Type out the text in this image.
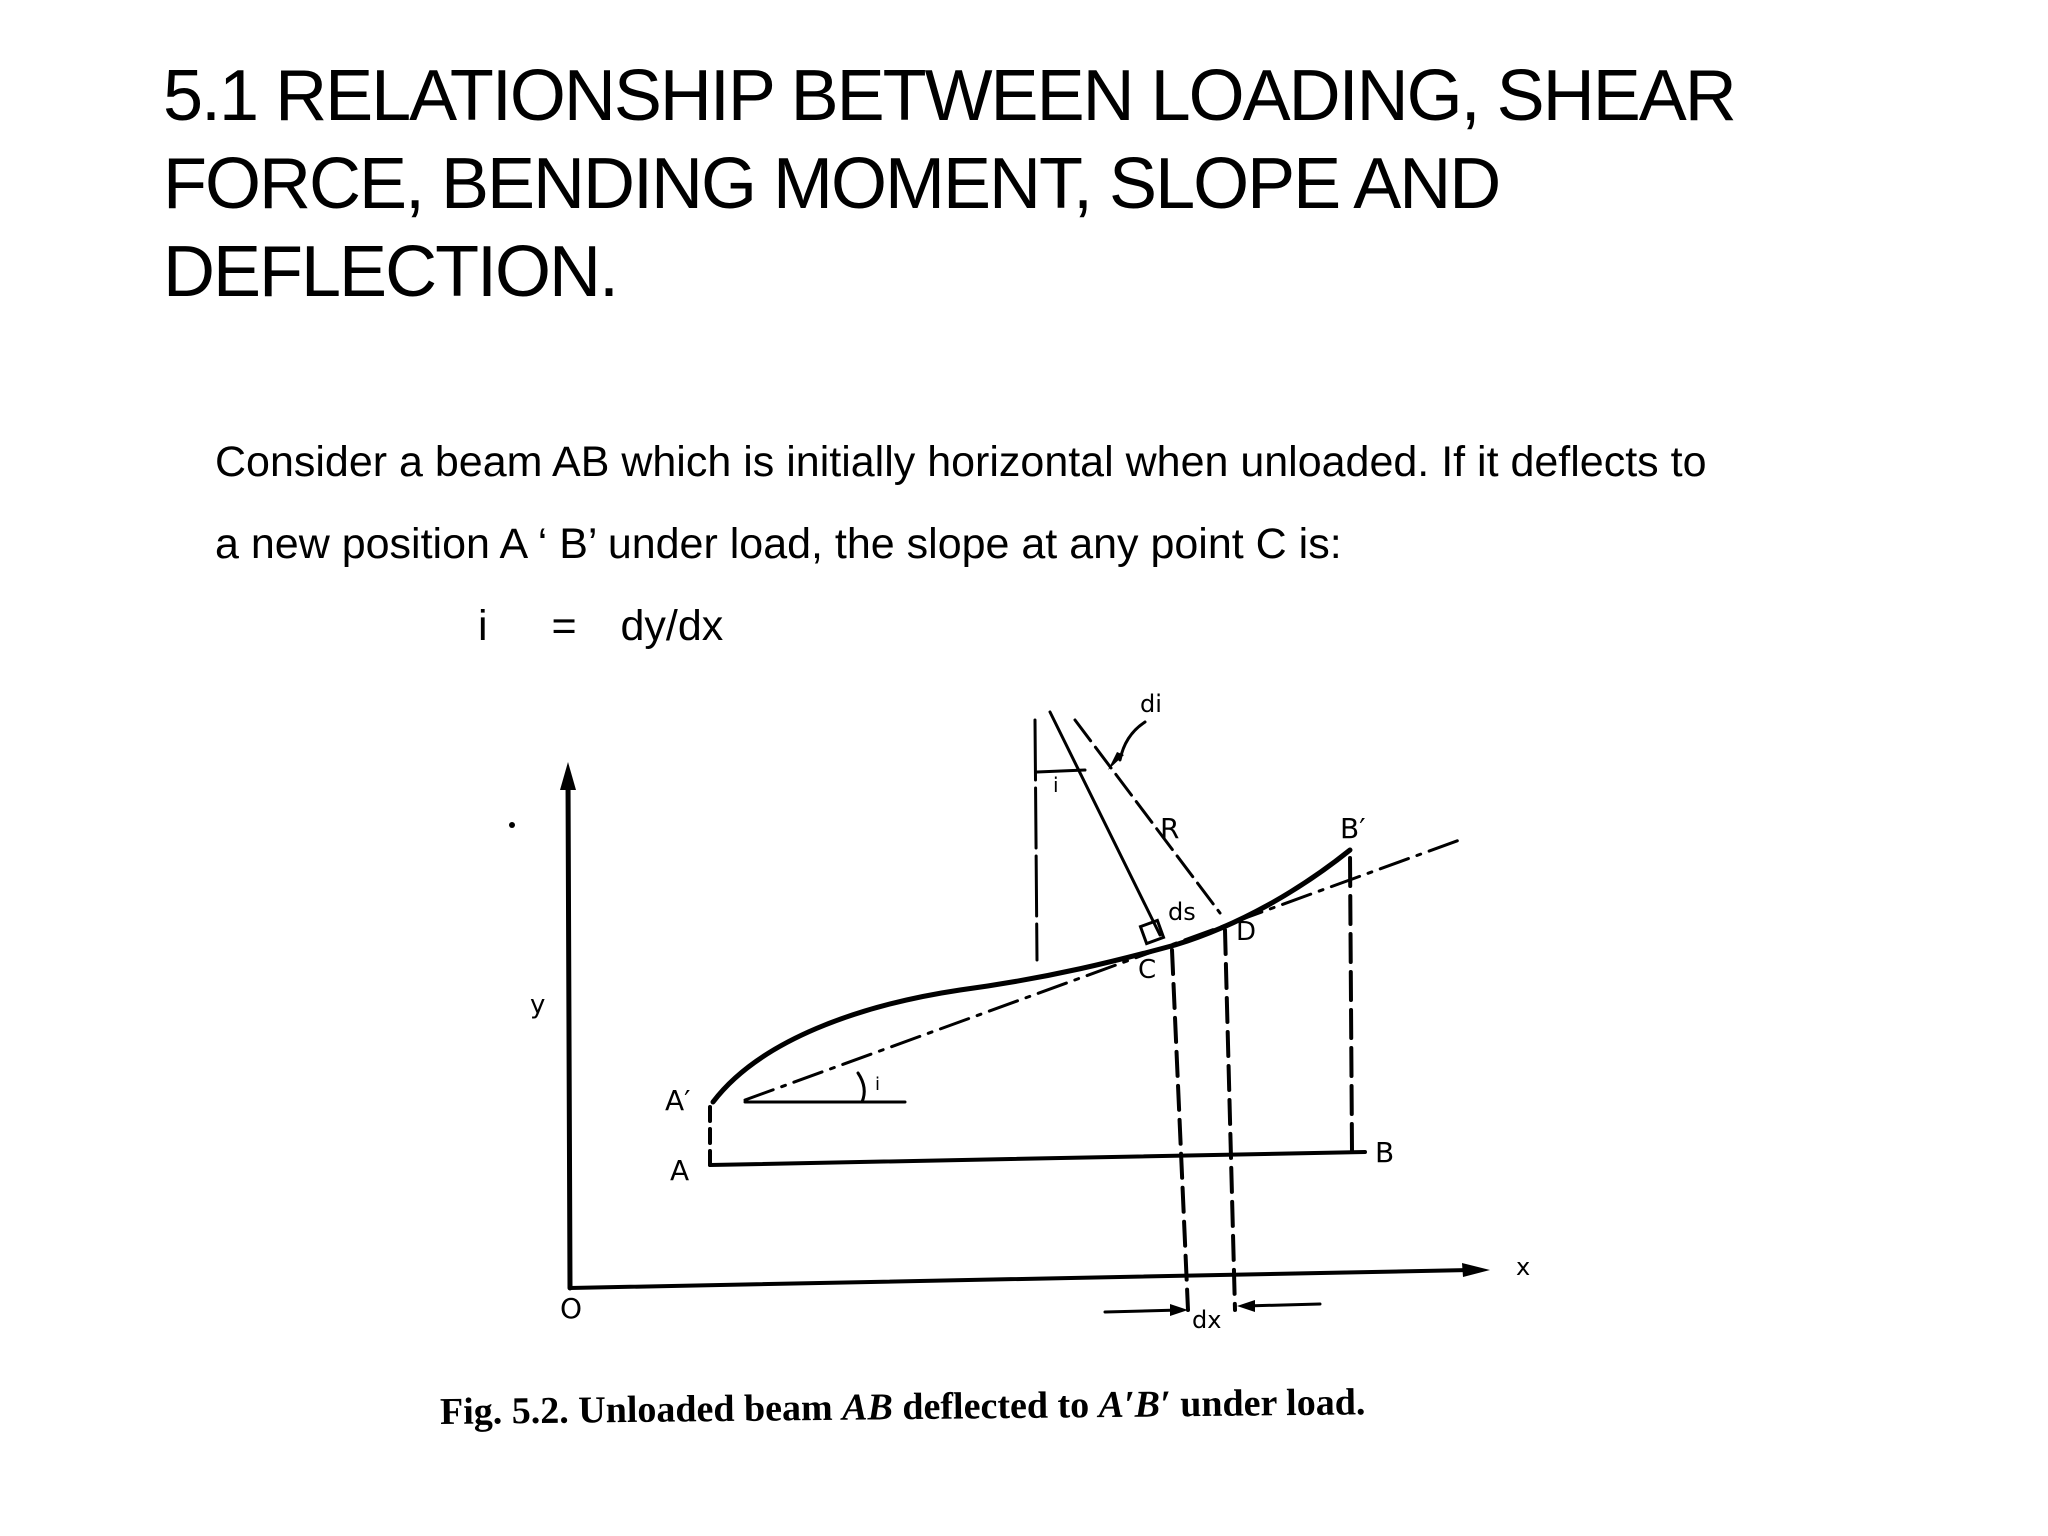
5.1 RELATIONSHIP BETWEEN LOADING, SHEAR
FORCE, BENDING MOMENT, SLOPE AND
DEFLECTION.
Consider a beam AB which is initially horizontal when unloaded. If it deflects to
a new position A ‘ B’ under load, the slope at any point C is:
i = dy/dx
di
i
R	B′
ds
D
C
y
A′	i
A
B
O
x
dx
Fig. 5.2. Unloaded beam AB deflected to A′B′ under load.
